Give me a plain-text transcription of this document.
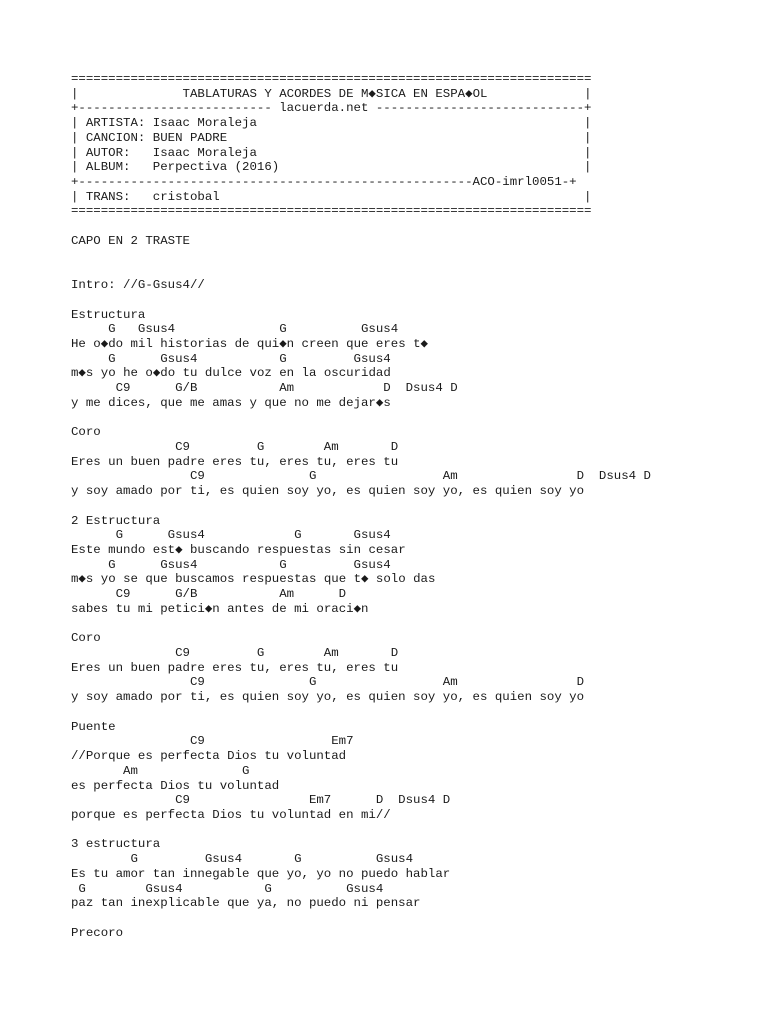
======================================================================

|              TABLATURAS Y ACORDES DE M◆SICA EN ESPA◆OL             |

+-------------------------- lacuerda.net ----------------------------+

| ARTISTA: Isaac Moraleja                                            |

| CANCION: BUEN PADRE                                                |

| AUTOR:   Isaac Moraleja                                            |

| ALBUM:   Perpectiva (2016)                                         |

+-----------------------------------------------------ACO-imrl0051-+

| TRANS:   cristobal                                                 |

======================================================================

CAPO EN 2 TRASTE

Intro: //G-Gsus4//

Estructura

G   Gsus4              G          Gsus4

He o◆do mil historias de qui◆n creen que eres t◆

G      Gsus4           G         Gsus4

m◆s yo he o◆do tu dulce voz en la oscuridad

C9      G/B           Am            D  Dsus4 D

y me dices, que me amas y que no me dejar◆s

Coro

C9         G        Am       D

Eres un buen padre eres tu, eres tu, eres tu

C9              G                 Am                D  Dsus4 D

y soy amado por ti, es quien soy yo, es quien soy yo, es quien soy yo

2 Estructura

G      Gsus4            G       Gsus4

Este mundo est◆ buscando respuestas sin cesar

G      Gsus4           G         Gsus4

m◆s yo se que buscamos respuestas que t◆ solo das

C9      G/B           Am      D

sabes tu mi petici◆n antes de mi oraci◆n

Coro

C9         G        Am       D

Eres un buen padre eres tu, eres tu, eres tu

C9              G                 Am                D

y soy amado por ti, es quien soy yo, es quien soy yo, es quien soy yo

Puente

C9                 Em7

//Porque es perfecta Dios tu voluntad

Am              G

es perfecta Dios tu voluntad

C9                Em7      D  Dsus4 D

porque es perfecta Dios tu voluntad en mi//

3 estructura

G         Gsus4       G          Gsus4

Es tu amor tan innegable que yo, yo no puedo hablar

G        Gsus4           G          Gsus4

paz tan inexplicable que ya, no puedo ni pensar

Precoro
